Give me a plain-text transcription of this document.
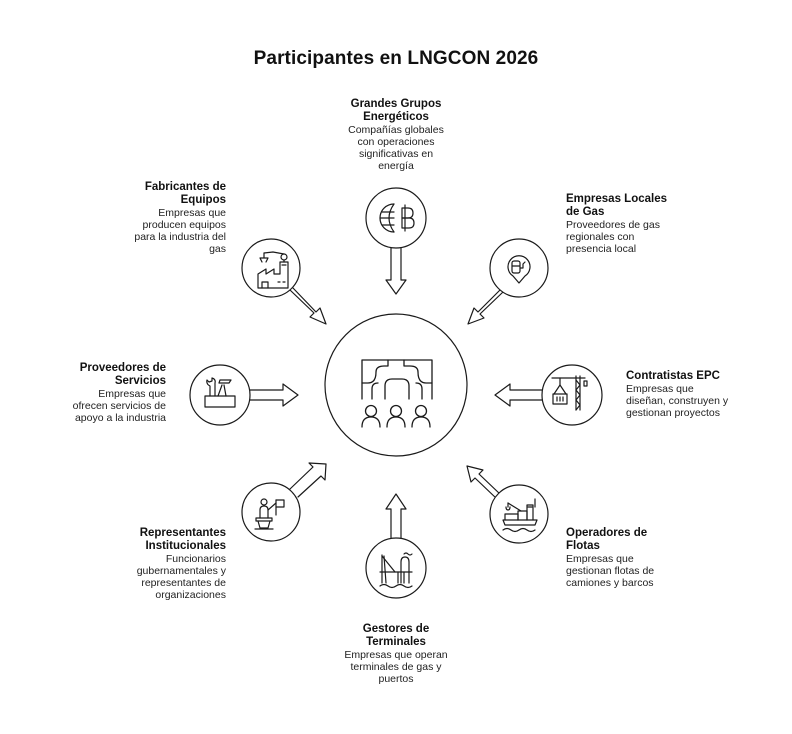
Participantes en LNGCON 2026
Grandes Grupos
Energéticos
Compañías globales
con operaciones
significativas en
energía
Empresas Locales
de Gas
Proveedores de gas
regionales con
presencia local
Contratistas EPC
Empresas que
diseñan, construyen y
gestionan proyectos
Operadores de
Flotas
Empresas que
gestionan flotas de
camiones y barcos
Gestores de
Terminales
Empresas que operan
terminales de gas y
puertos
Representantes
Institucionales
Funcionarios
gubernamentales y
representantes de
organizaciones
Proveedores de
Servicios
Empresas que
ofrecen servicios de
apoyo a la industria
Fabricantes de
Equipos
Empresas que
producen equipos
para la industria del
gas
